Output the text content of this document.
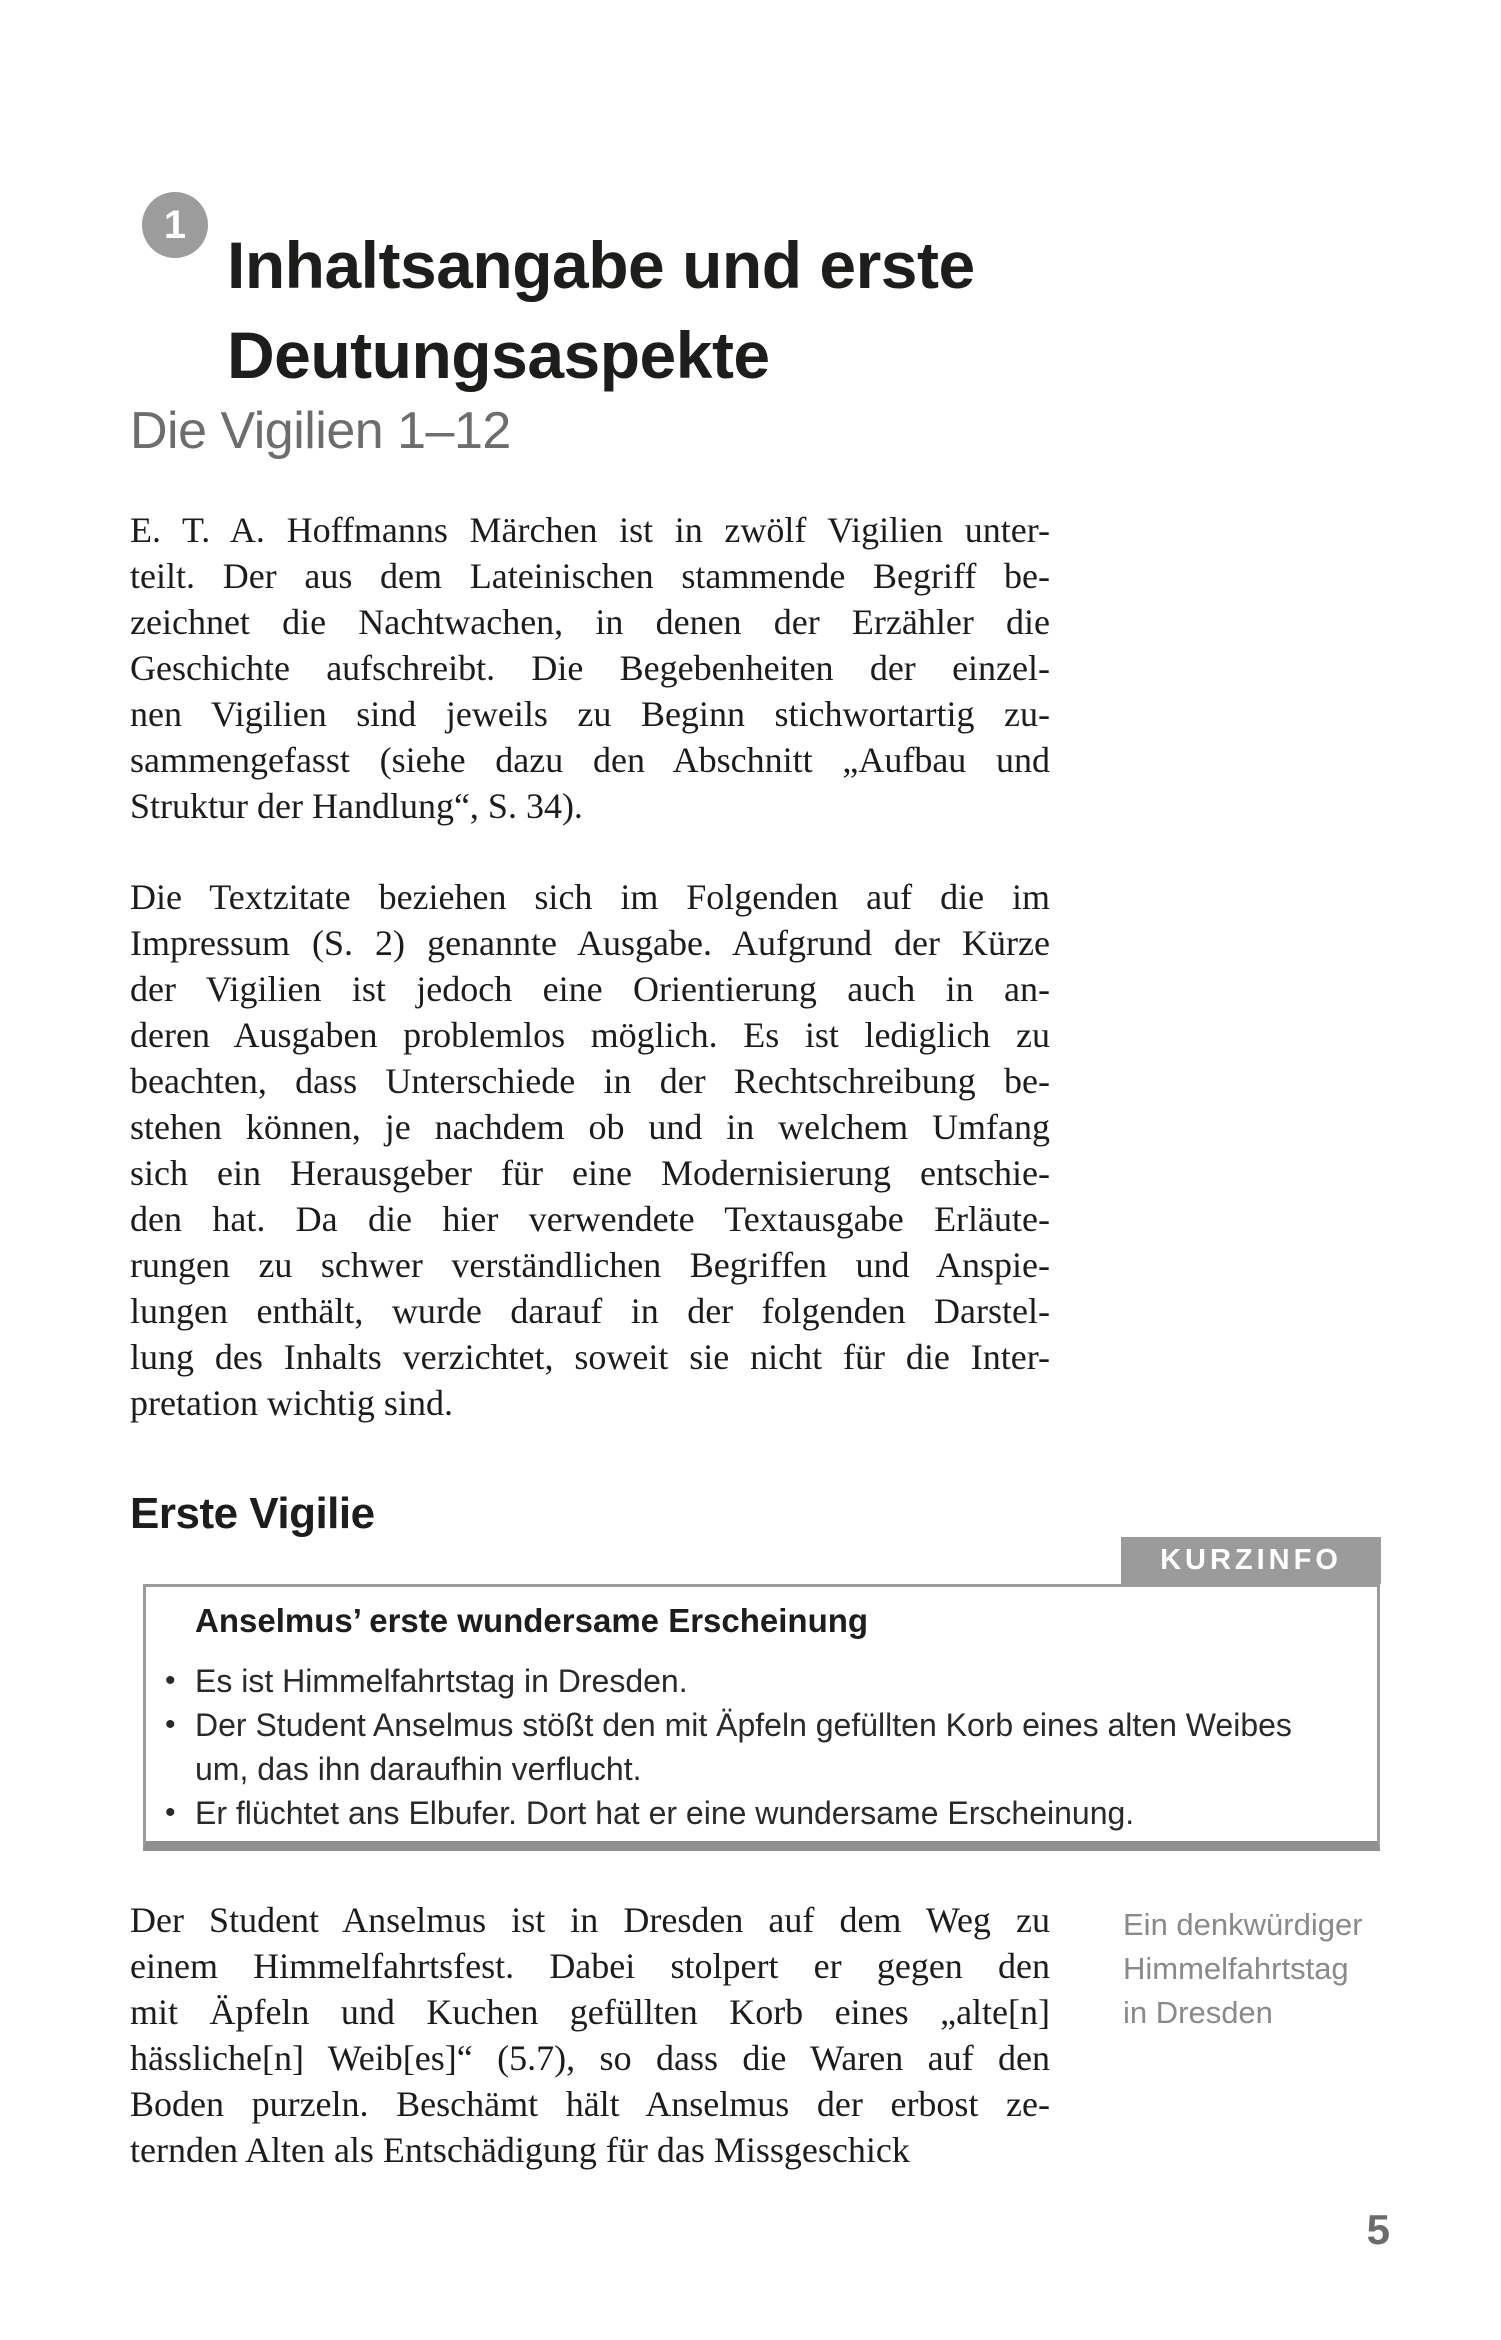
1
Inhaltsangabe und erste
Deutungsaspekte
Die Vigilien 1–12
E. T. A. Hoffmanns Märchen ist in zwölf Vigilien unter-
teilt. Der aus dem Lateinischen stammende Begriff be-
zeichnet die Nachtwachen, in denen der Erzähler die
Geschichte aufschreibt. Die Begebenheiten der einzel-
nen Vigilien sind jeweils zu Beginn stichwortartig zu-
sammengefasst (siehe dazu den Abschnitt „Aufbau und
Struktur der Handlung“, S. 34).
Die Textzitate beziehen sich im Folgenden auf die im
Impressum (S. 2) genannte Ausgabe. Aufgrund der Kürze
der Vigilien ist jedoch eine Orientierung auch in an-
deren Ausgaben problemlos möglich. Es ist lediglich zu
beachten, dass Unterschiede in der Rechtschreibung be-
stehen können, je nachdem ob und in welchem Umfang
sich ein Herausgeber für eine Modernisierung entschie-
den hat. Da die hier verwendete Textausgabe Erläute-
rungen zu schwer verständlichen Begriffen und Anspie-
lungen enthält, wurde darauf in der folgenden Darstel-
lung des Inhalts verzichtet, soweit sie nicht für die Inter-
pretation wichtig sind.
Erste Vigilie
KURZINFO

Anselmus’ erste wundersame Erscheinung

• Es ist Himmelfahrtstag in Dresden.
• Der Student Anselmus stößt den mit Äpfeln gefüllten Korb eines alten Weibes um, das ihn daraufhin verflucht.
• Er flüchtet ans Elbufer. Dort hat er eine wundersame Erscheinung.
Der Student Anselmus ist in Dresden auf dem Weg zu
einem Himmelfahrtsfest. Dabei stolpert er gegen den
mit Äpfeln und Kuchen gefüllten Korb eines „alte[n]
hässliche[n] Weib[es]“ (5.7), so dass die Waren auf den
Boden purzeln. Beschämt hält Anselmus der erbost ze-
ternden Alten als Entschädigung für das Missgeschick
Ein denkwürdiger
Himmelfahrtstag
in Dresden
5
